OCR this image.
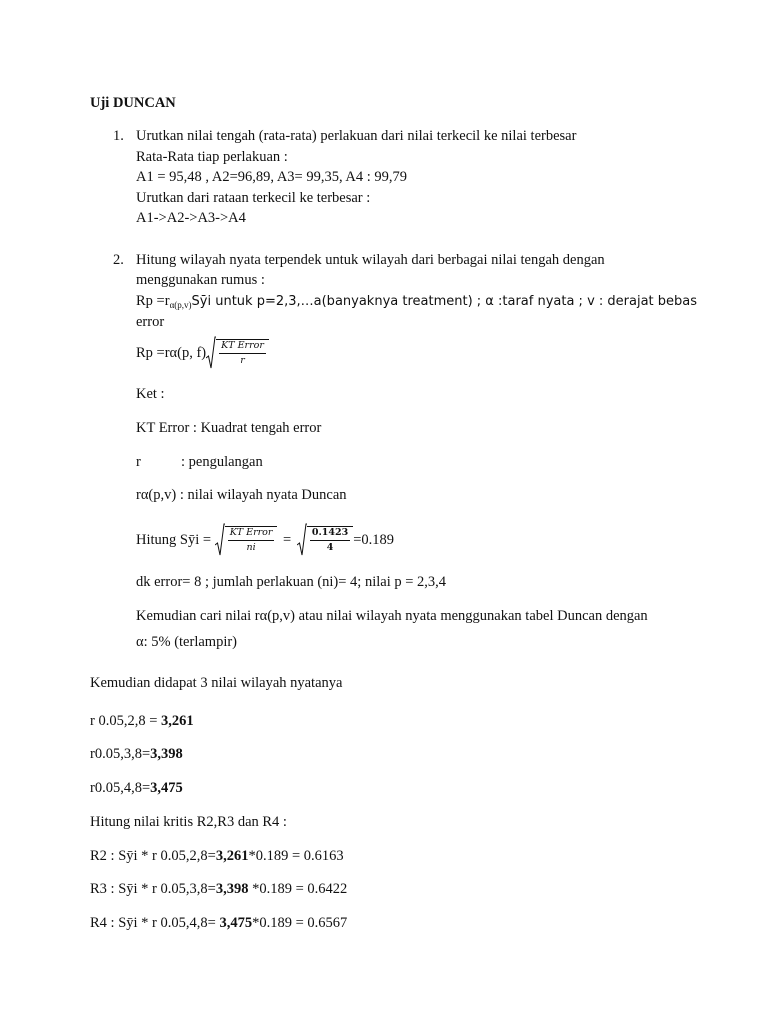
Uji DUNCAN
1. Urutkan nilai tengah (rata-rata) perlakuan dari nilai terkecil ke nilai terbesar
Rata-Rata tiap perlakuan :
A1 = 95,48 , A2=96,89, A3= 99,35, A4 : 99,79
Urutkan dari rataan terkecil ke terbesar :
A1->A2->A3->A4
2. Hitung wilayah nyata terpendek untuk wilayah dari berbagai nilai tengah dengan
menggunakan rumus :
$Rp =r_{\alpha(p,v)}Sȳi$ untuk p=2,3,…a(banyaknya treatment) ; α :taraf nyata ; v : derajat bebas
error
Rp =rα(p, $f) \frac{\text{KT Error}}{r}$
Ket :
KT Error : Kuadrat tengah error
r	: pengulangan
rα(p,v) : nilai wilayah nyata Duncan
Hitung Sȳi = $\frac{\text{KT Error}}{ni} = \frac{0.1423}{4} =0.189$
dk error= 8 ; jumlah perlakuan (ni)= 4; nilai p = 2,3,4
Kemudian cari nilai rα(p,v) atau nilai wilayah nyata menggunakan tabel Duncan dengan
α: 5% (terlampir)
Kemudian didapat 3 nilai wilayah nyatanya
r 0.05,2,8 = 3,261
r0.05,3,8=3,398
r0.05,4,8=3,475
Hitung nilai kritis R2,R3 dan R4 :
R2 : Sȳi * r 0.05,2,8=3,261*0.189 = 0.6163
R3 : Sȳi * r 0.05,3,8=3,398 *0.189 = 0.6422
R4 : Sȳi * r 0.05,4,8= 3,475*0.189 = 0.6567
